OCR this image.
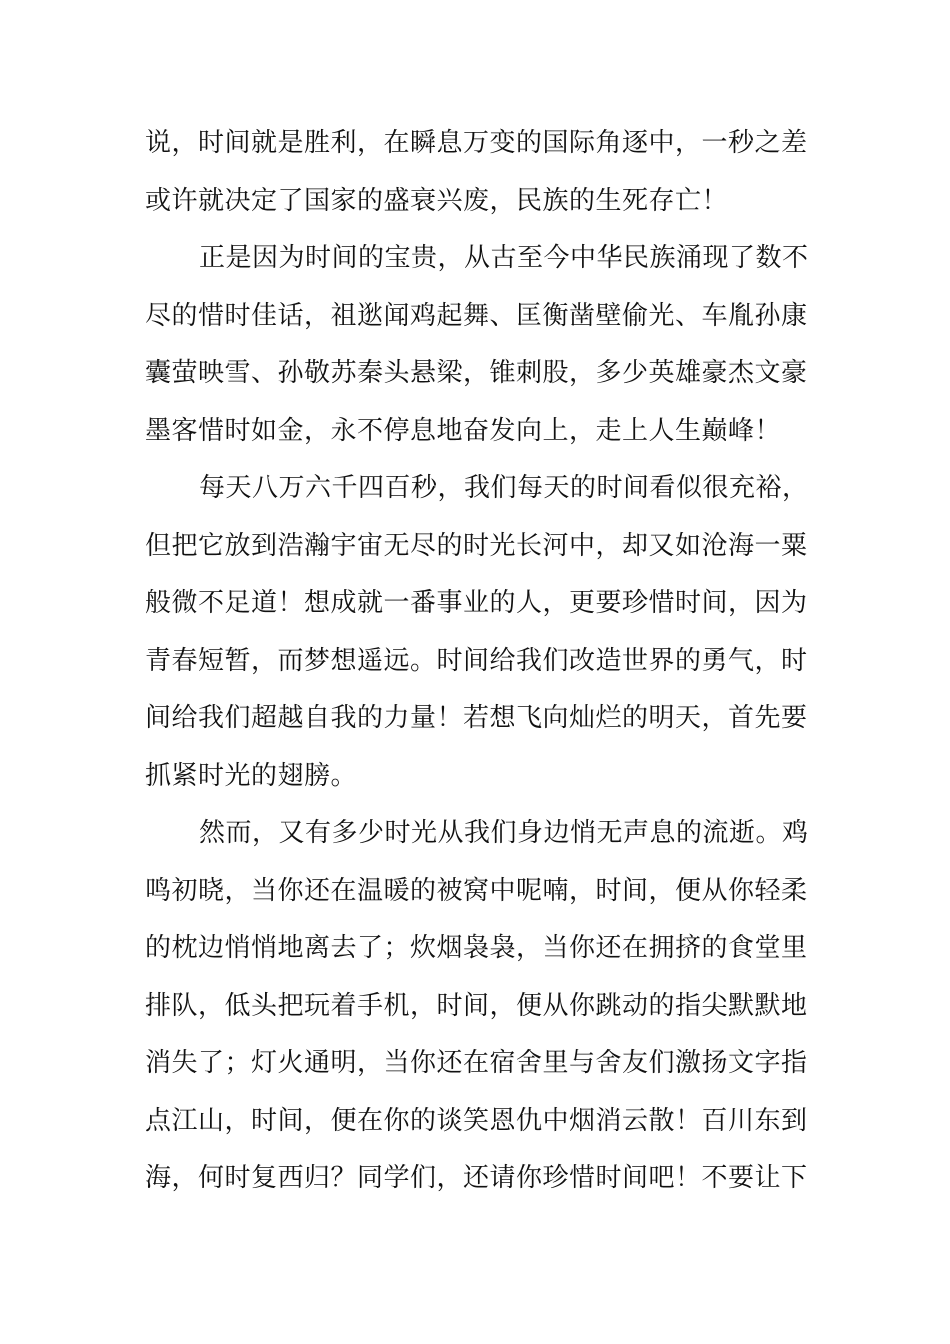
说，时间就是胜利，在瞬息万变的国际角逐中，一秒之差
或许就决定了国家的盛衰兴废，民族的生死存亡！
正是因为时间的宝贵，从古至今中华民族涌现了数不
尽的惜时佳话，祖逖闻鸡起舞、匡衡凿壁偷光、车胤孙康
囊萤映雪、孙敬苏秦头悬梁，锥刺股，多少英雄豪杰文豪
墨客惜时如金，永不停息地奋发向上，走上人生巅峰！
每天八万六千四百秒，我们每天的时间看似很充裕，
但把它放到浩瀚宇宙无尽的时光长河中，却又如沧海一粟
般微不足道！想成就一番事业的人，更要珍惜时间，因为
青春短暂，而梦想遥远。时间给我们改造世界的勇气，时
间给我们超越自我的力量！若想飞向灿烂的明天，首先要
抓紧时光的翅膀。
然而，又有多少时光从我们身边悄无声息的流逝。鸡
鸣初晓，当你还在温暖的被窝中呢喃，时间，便从你轻柔
的枕边悄悄地离去了；炊烟袅袅，当你还在拥挤的食堂里
排队，低头把玩着手机，时间，便从你跳动的指尖默默地
消失了；灯火通明，当你还在宿舍里与舍友们激扬文字指
点江山，时间，便在你的谈笑恩仇中烟消云散！百川东到
海，何时复西归？同学们，还请你珍惜时间吧！不要让下
